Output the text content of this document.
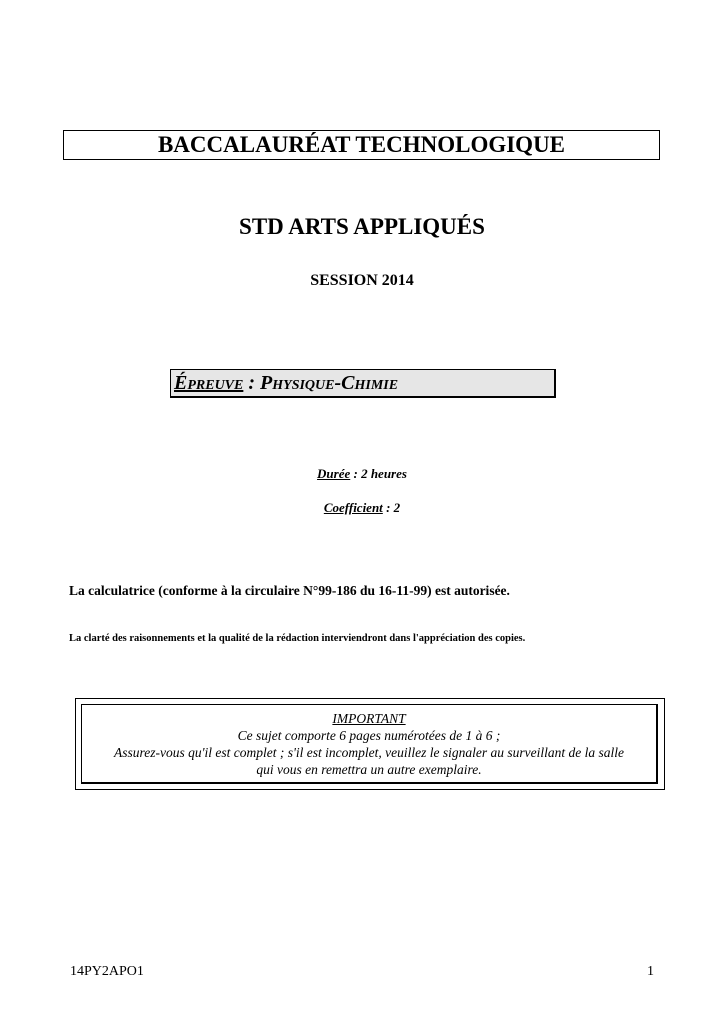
BACCALAURÉAT TECHNOLOGIQUE
STD ARTS APPLIQUÉS
SESSION 2014
Épreuve : Physique-Chimie
Durée : 2 heures
Coefficient : 2
La calculatrice (conforme à la circulaire N°99-186 du 16-11-99) est autorisée.
La clarté des raisonnements et la qualité de la rédaction interviendront dans l'appréciation des copies.
IMPORTANT
Ce sujet comporte 6 pages numérotées de 1 à 6 ;
Assurez-vous qu'il est complet ; s'il est incomplet, veuillez le signaler au surveillant de la salle
qui vous en remettra un autre exemplaire.
14PY2APO1	1
